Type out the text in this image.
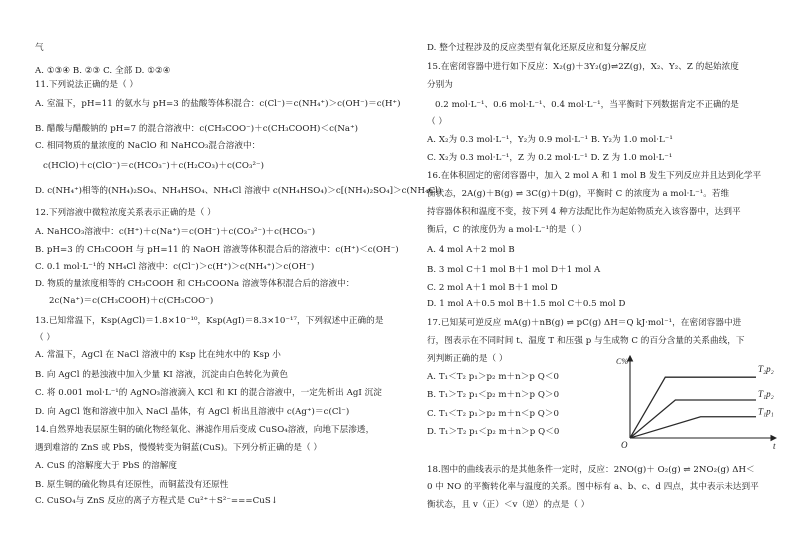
气
A. ①③④ B. ②③ C. 全部 D. ①②④
11.下列说法正确的是（ ）
A. 室温下，pH=11 的氨水与 pH=3 的盐酸等体积混合：c(Cl⁻)＝c(NH₄⁺)＞c(OH⁻)＝c(H⁺)
B. 醋酸与醋酸钠的 pH=7 的混合溶液中：c(CH₃COO⁻)＋c(CH₃COOH)＜c(Na⁺)
C. 相同物质的量浓度的 NaClO 和 NaHCO₃混合溶液中：
c(HClO)＋c(ClO⁻)＝c(HCO₃⁻)＋c(H₂CO₃)＋c(CO₃²⁻)
D. c(NH₄⁺)相等的(NH₄)₂SO₄、NH₄HSO₄、NH₄Cl 溶液中 c(NH₄HSO₄)＞c[(NH₄)₂SO₄]＞c(NH₄Cl)
12.下列溶液中微粒浓度关系表示正确的是（ ）
A. NaHCO₃溶液中：c(H⁺)＋c(Na⁺)＝c(OH⁻)＋c(CO₃²⁻)＋c(HCO₃⁻)
B. pH=3 的 CH₃COOH 与 pH=11 的 NaOH 溶液等体积混合后的溶液中：c(H⁺)＜c(OH⁻)
C. 0.1 mol·L⁻¹的 NH₄Cl 溶液中：c(Cl⁻)＞c(H⁺)＞c(NH₄⁺)＞c(OH⁻)
D. 物质的量浓度相等的 CH₃COOH 和 CH₃COONa 溶液等体积混合后的溶液中：
2c(Na⁺)＝c(CH₃COOH)＋c(CH₃COO⁻)
13.已知常温下，Ksp(AgCl)＝1.8×10⁻¹⁰，Ksp(AgI)＝8.3×10⁻¹⁷，下列叙述中正确的是
（ ）
A. 常温下，AgCl 在 NaCl 溶液中的 Ksp 比在纯水中的 Ksp 小
B. 向 AgCl 的悬浊液中加入少量 KI 溶液，沉淀由白色转化为黄色
C. 将 0.001 mol·L⁻¹的 AgNO₃溶液滴入 KCl 和 KI 的混合溶液中，一定先析出 AgI 沉淀
D. 向 AgCl 饱和溶液中加入 NaCl 晶体，有 AgCl 析出且溶液中 c(Ag⁺)＝c(Cl⁻)
14.自然界地表层原生铜的硫化物经氧化、淋滤作用后变成 CuSO₄溶液，向地下层渗透，
遇到难溶的 ZnS 或 PbS，慢慢转变为铜蓝(CuS)。下列分析正确的是（ ）
A. CuS 的溶解度大于 PbS 的溶解度
B. 原生铜的硫化物具有还原性，而铜蓝没有还原性
C. CuSO₄与 ZnS 反应的离子方程式是 Cu²⁺＋S²⁻===CuS↓
D. 整个过程涉及的反应类型有氧化还原反应和复分解反应
15.在密闭容器中进行如下反应：X₂(g)＋3Y₂(g)⇌2Z(g)，X₂、Y₂、Z 的起始浓度
分别为
0.2 mol·L⁻¹、0.6 mol·L⁻¹、0.4 mol·L⁻¹，当平衡时下列数据肯定不正确的是
（ ）
A. X₂为 0.3 mol·L⁻¹，Y₂为 0.9 mol·L⁻¹ B. Y₂为 1.0 mol·L⁻¹
C. X₂为 0.3 mol·L⁻¹，Z 为 0.2 mol·L⁻¹ D. Z 为 1.0 mol·L⁻¹
16.在体积固定的密闭容器中，加入 2 mol A 和 1 mol B 发生下列反应并且达到化学平
衡状态，2A(g)＋B(g) ⇌ 3C(g)＋D(g)，平衡时 C 的浓度为 a mol·L⁻¹。若维
持容器体积和温度不变，按下列 4 种方法配比作为起始物质充入该容器中，达到平
衡后，C 的浓度仍为 a mol·L⁻¹的是（ ）
A. 4 mol A＋2 mol B
B. 3 mol C＋1 mol B＋1 mol D＋1 mol A
C. 2 mol A＋1 mol B＋1 mol D
D. 1 mol A＋0.5 mol B＋1.5 mol C＋0.5 mol D
17.已知某可逆反应 mA(g)＋nB(g) ⇌ pC(g) ΔH＝Q kJ·mol⁻¹，在密闭容器中进
行，图表示在不同时间 t、温度 T 和压强 p 与生成物 C 的百分含量的关系曲线，下
列判断正确的是（ ）
A. T₁＜T₂ p₁＞p₂ m＋n＞p Q＜0
B. T₁＞T₂ p₁＜p₂ m＋n＞p Q＞0
C. T₁＜T₂ p₁＞p₂ m＋n＜p Q＞0
D. T₁＞T₂ p₁＜p₂ m＋n＞p Q＜0
18.图中的曲线表示的是其他条件一定时，反应：2NO(g)＋ O₂(g) ⇌ 2NO₂(g) ΔH＜
0 中 NO 的平衡转化率与温度的关系。图中标有 a、b、c、d 四点，其中表示未达到平
衡状态，且 v（正）＜v（逆）的点是（ ）
C%
t
O
T₂p₂
T₁p₂
T₁p₁
